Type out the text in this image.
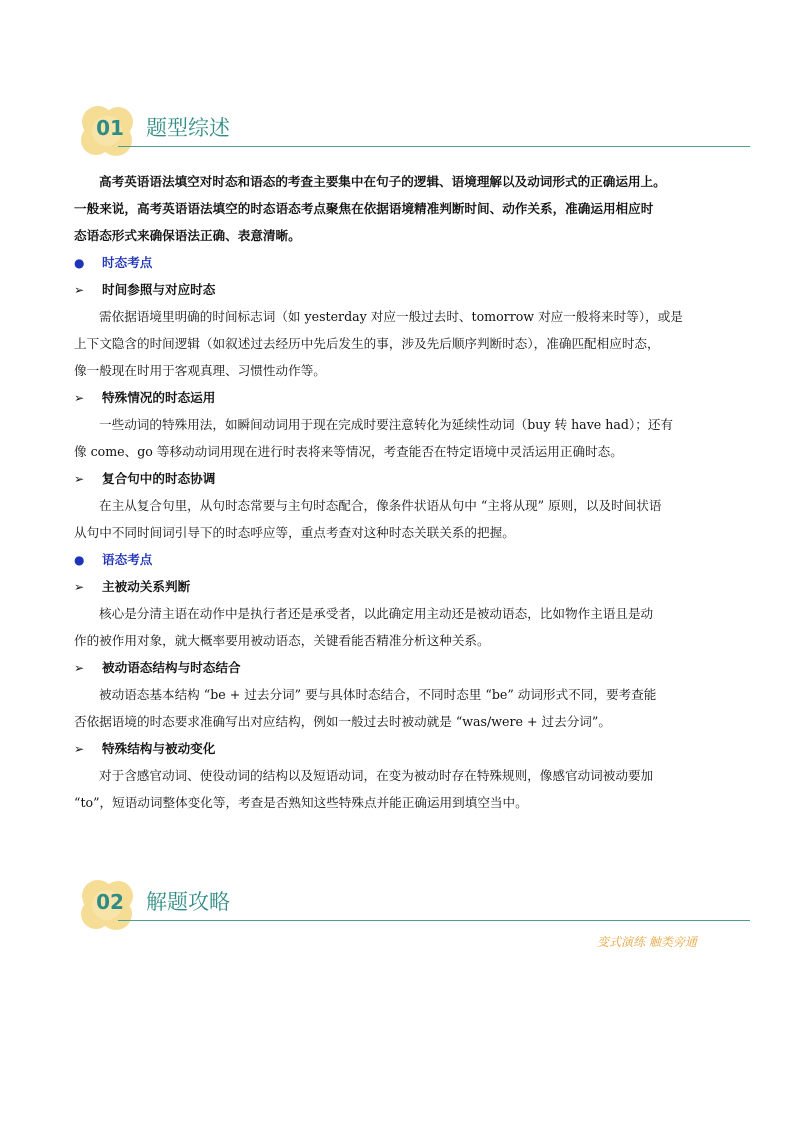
01 题型综述
高考英语语法填空对时态和语态的考查主要集中在句子的逻辑、语境理解以及动词形式的正确运用上。
一般来说，高考英语语法填空的时态语态考点聚焦在依据语境精准判断时间、动作关系，准确运用相应时
态语态形式来确保语法正确、表意清晰。
● 时态考点
➢ 时间参照与对应时态
需依据语境里明确的时间标志词（如 yesterday 对应一般过去时、tomorrow 对应一般将来时等），或是
上下文隐含的时间逻辑（如叙述过去经历中先后发生的事，涉及先后顺序判断时态），准确匹配相应时态，
像一般现在时用于客观真理、习惯性动作等。
➢ 特殊情况的时态运用
一些动词的特殊用法，如瞬间动词用于现在完成时要注意转化为延续性动词（buy 转 have had）；还有
像 come、go 等移动动词用现在进行时表将来等情况，考查能否在特定语境中灵活运用正确时态。
➢ 复合句中的时态协调
在主从复合句里，从句时态常要与主句时态配合，像条件状语从句中 “主将从现” 原则，以及时间状语
从句中不同时间词引导下的时态呼应等，重点考查对这种时态关联关系的把握。
● 语态考点
➢ 主被动关系判断
核心是分清主语在动作中是执行者还是承受者，以此确定用主动还是被动语态，比如物作主语且是动
作的被作用对象，就大概率要用被动语态，关键看能否精准分析这种关系。
➢ 被动语态结构与时态结合
被动语态基本结构 “be + 过去分词” 要与具体时态结合，不同时态里 “be” 动词形式不同，要考查能
否依据语境的时态要求准确写出对应结构，例如一般过去时被动就是 “was/were + 过去分词”。
➢ 特殊结构与被动变化
对于含感官动词、使役动词的结构以及短语动词，在变为被动时存在特殊规则，像感官动词被动要加
“to”，短语动词整体变化等，考查是否熟知这些特殊点并能正确运用到填空当中。
02 解题攻略
变式演练 触类旁通
